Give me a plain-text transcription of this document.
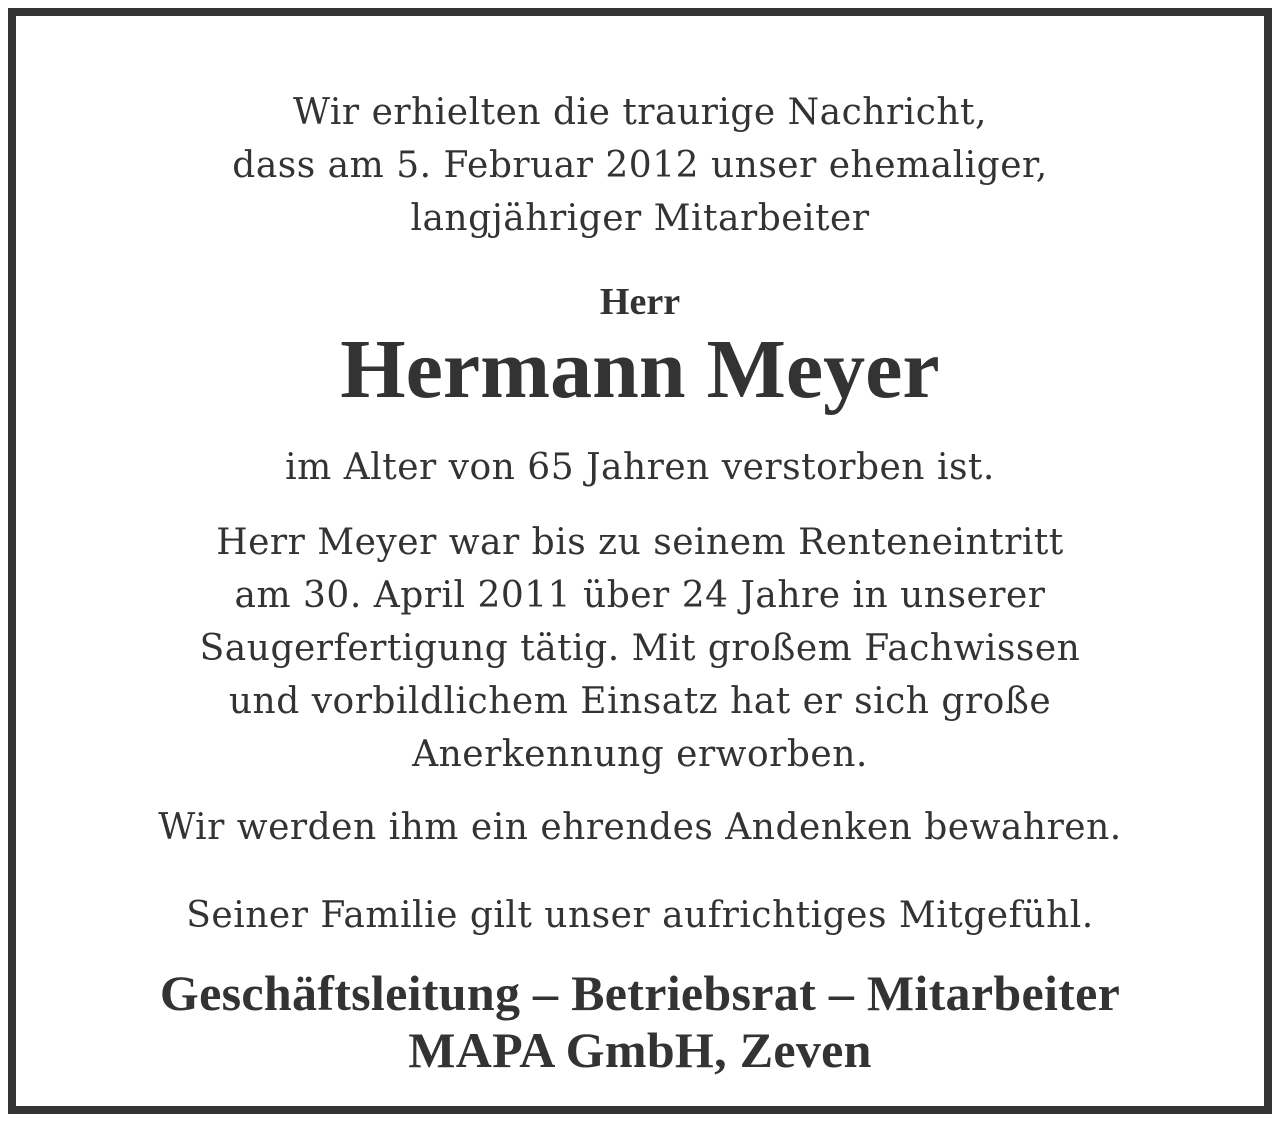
Wir erhielten die traurige Nachricht,
dass am 5. Februar 2012 unser ehemaliger,
langjähriger Mitarbeiter
Herr
Hermann Meyer
im Alter von 65 Jahren verstorben ist.
Herr Meyer war bis zu seinem Renteneintritt
am 30. April 2011 über 24 Jahre in unserer
Saugerfertigung tätig. Mit großem Fachwissen
und vorbildlichem Einsatz hat er sich große
Anerkennung erworben.
Wir werden ihm ein ehrendes Andenken bewahren.
Seiner Familie gilt unser aufrichtiges Mitgefühl.
Geschäftsleitung – Betriebsrat – Mitarbeiter
MAPA GmbH, Zeven
